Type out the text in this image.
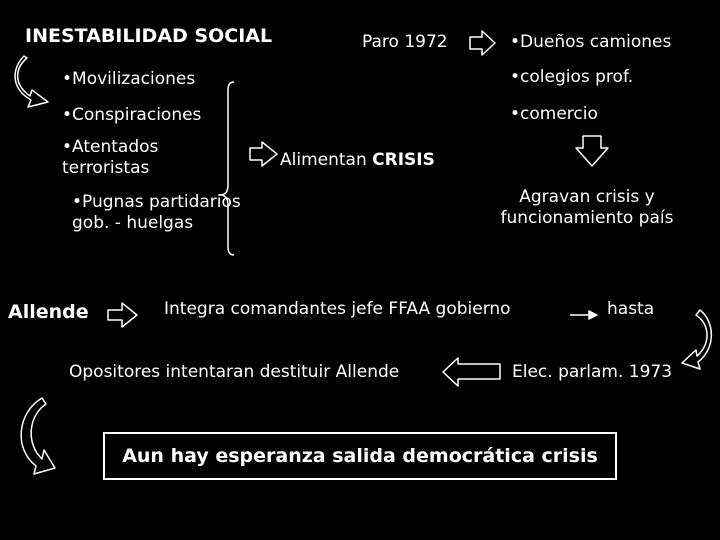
INESTABILIDAD SOCIAL	Paro 1972
•Movilizaciones
•Conspiraciones
•Atentados terroristas
•Pugnas partidarios gob. - huelgas
•Dueños camiones
•colegios prof.
•comercio
Alimentan CRISIS
Agravan crisis y funcionamiento país
Allende	Integra comandantes jefe FFAA gobierno	hasta
Opositores intentaran destituir Allende	Elec. parlam. 1973
Aun hay esperanza salida democrática crisis
